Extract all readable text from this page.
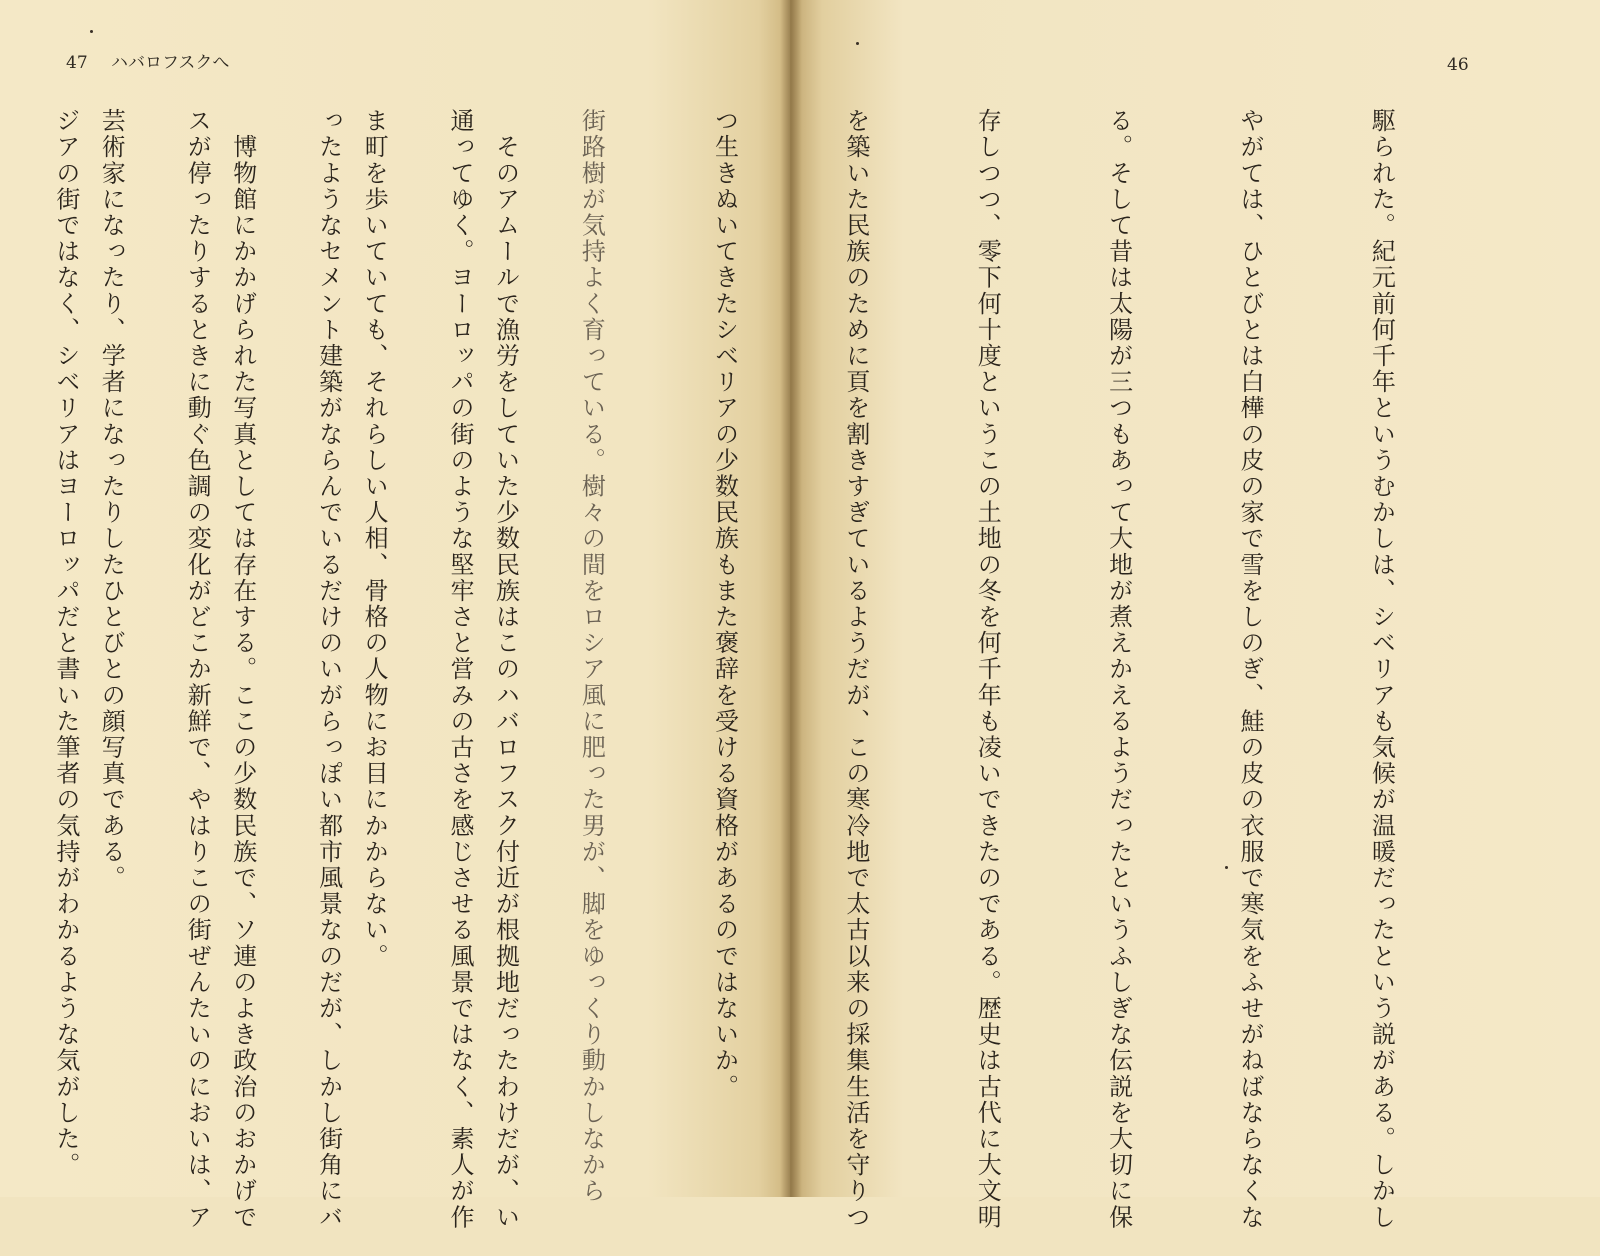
47 ハバロフスクへ

街路樹が気持よく育っている。樹々の間をロシア風に肥った男が、脚をゆっくり動かしなから

通ってゆく。ヨーロッパの街のような堅牢さと営みの古さを感じさせる風景ではなく、素人が作

ったようなセメント建築がならんでいるだけのいがらっぽい都市風景なのだが、しかし街角にバ

スが停ったりするときに動ぐ色調の変化がどこか新鮮で、やはりこの街ぜんたいのにおいは、ア

ジアの街ではなく、シベリアはヨーロッパだと書いた筆者の気持がわかるような気がした。

	駆られた。紀元前何千年というむかしは、シベリアも気候が温暖だったという説がある。しかし

やがては、ひとびとは白樺の皮の家で雪をしのぎ、鮭の皮の衣服で寒気をふせがねばならなくな

る。そして昔は太陽が三つもあって大地が煮えかえるようだったというふしぎな伝説を大切に保

存しつつ、零下何十度というこの土地の冬を何千年も凌いできたのである。歴史は古代に大文明

を築いた民族のために頁を割きすぎているようだが、この寒冷地で太古以来の採集生活を守りつ

つ生きぬいてきたシベリアの少数民族もまた褒辞を受ける資格があるのではないか。

　そのアムールで漁労をしていた少数民族はこのハバロフスク付近が根拠地だったわけだが、い

ま町を歩いていても、それらしい人相、骨格の人物にお目にかからない。

　博物館にかかげられた写真としては存在する。ここの少数民族で、ソ連のよき政治のおかげで

芸術家になったり、学者になったりしたひとびとの顔写真である。

46
